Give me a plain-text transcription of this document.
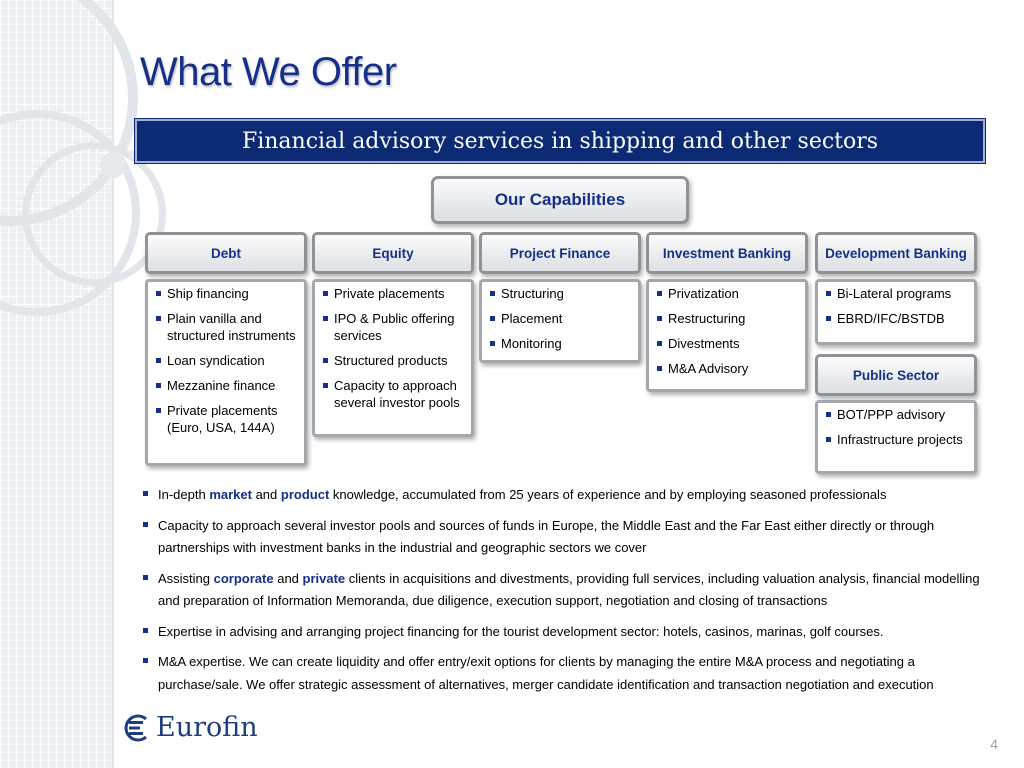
What We Offer
Financial advisory services in shipping and other sectors
Our Capabilities
Debt
Ship financing
Plain vanilla and structured instruments
Loan syndication
Mezzanine finance
Private placements (Euro, USA, 144A)
Equity
Private placements
IPO & Public offering services
Structured products
Capacity to approach several investor pools
Project Finance
Structuring
Placement
Monitoring
Investment Banking
Privatization
Restructuring
Divestments
M&A Advisory
Development Banking
Bi-Lateral programs
EBRD/IFC/BSTDB
Public Sector
BOT/PPP advisory
Infrastructure projects
In-depth market and product knowledge, accumulated from 25 years of experience and by employing seasoned professionals
Capacity to approach several investor pools and sources of funds in Europe, the Middle East and the Far East either directly or through partnerships with investment banks in the industrial and geographic sectors we cover
Assisting corporate and private clients in acquisitions and divestments, providing full services, including valuation analysis, financial modelling and preparation of Information Memoranda, due diligence, execution support, negotiation and closing of transactions
Expertise in advising and arranging project financing for the tourist development sector: hotels, casinos, marinas, golf courses.
M&A expertise. We can create liquidity and offer entry/exit options for clients by managing the entire M&A process and negotiating a purchase/sale. We offer strategic assessment of alternatives, merger candidate identification and transaction negotiation and execution
Eurofin
4
